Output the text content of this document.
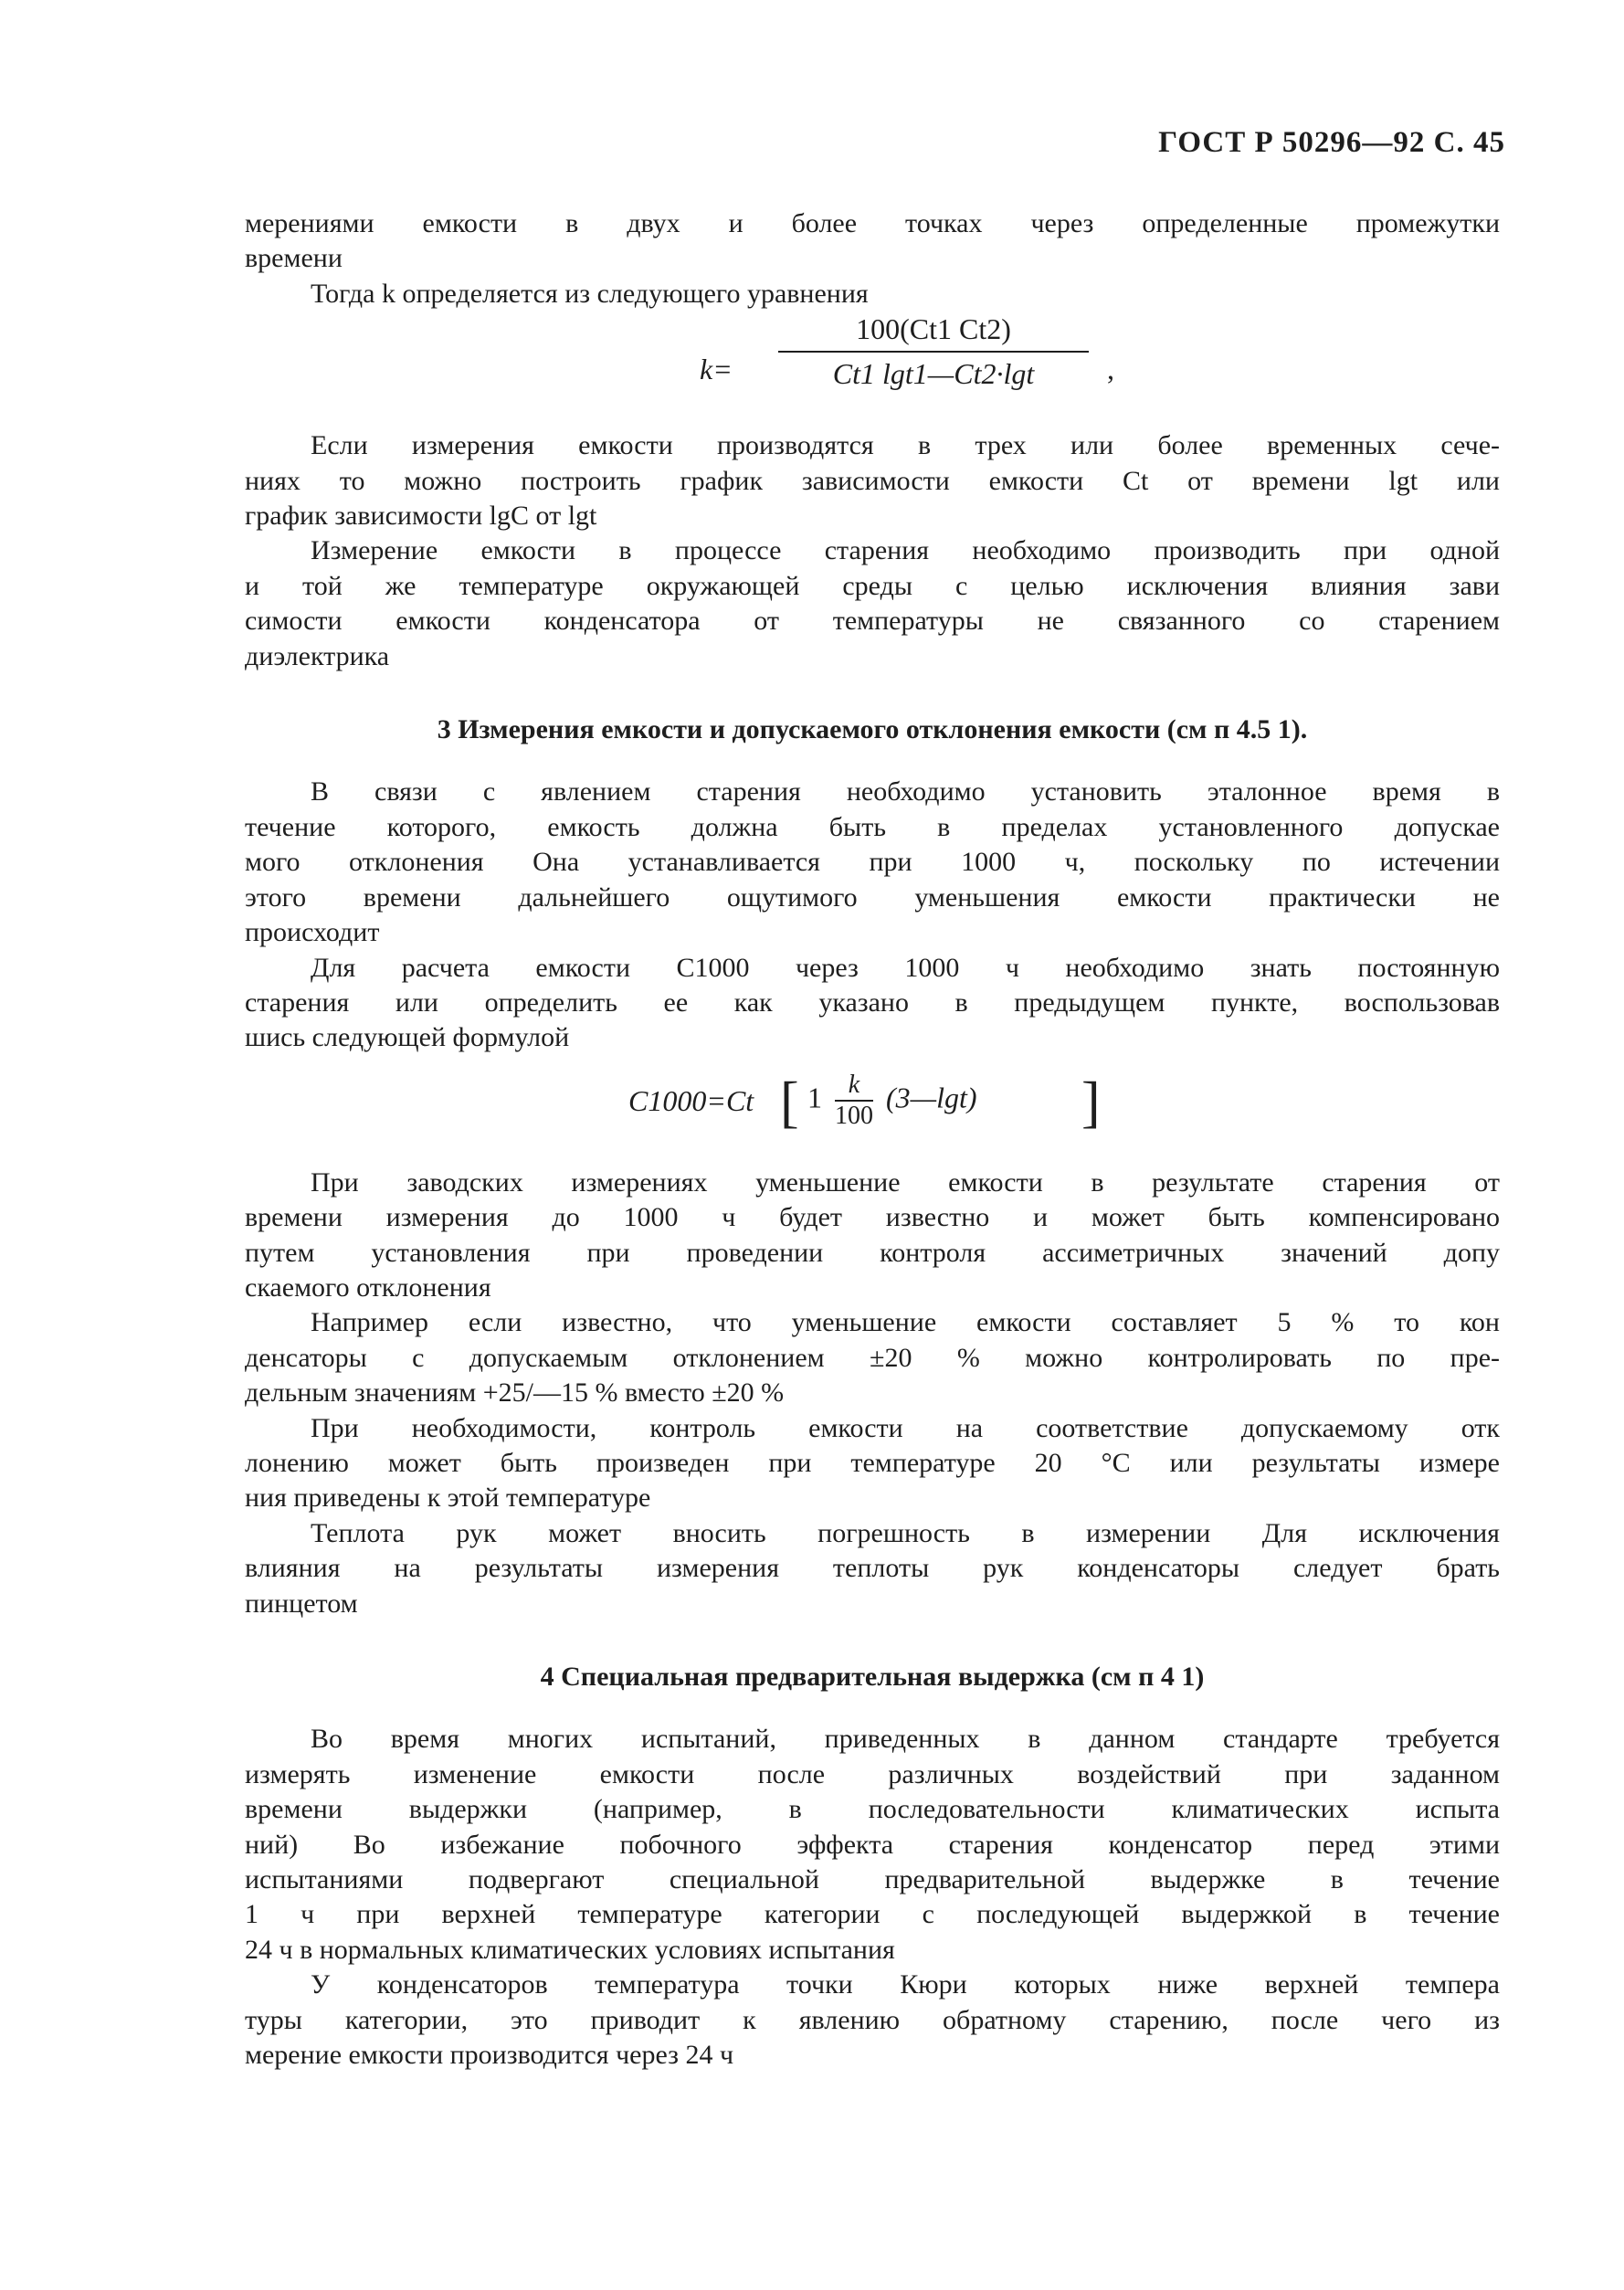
ГОСТ Р 50296—92 С. 45
мерениями емкости в двух и более точках через определенные промежутки
времени
Тогда k определяется из следующего уравнения
$k= \frac{100(Ct1 Ct2)}{Ct1 \lg t1—Ct2\cdot\lg t}$ ,
Если измерения емкости производятся в трех или более временных сече-
ниях то можно построить график зависимости емкости Ct от времени lgt или
график зависимости lgC от lgt
Измерение емкости в процессе старения необходимо производить при одной
и той же температуре окружающей среды с целью исключения влияния зави
симости емкости конденсатора от температуры не связанного со старением
диэлектрика
3 Измерения емкости и допускаемого отклонения емкости (см п 4.5 1).
В связи с явлением старения необходимо установить эталонное время в
течение которого, емкость должна быть в пределах установленного допускае
мого отклонения Она устанавливается при 1000 ч, поскольку по истечении
этого времени дальнейшего ощутимого уменьшения емкости практически не
происходит
Для расчета емкости C1000 через 1000 ч необходимо знать постоянную
старения или определить ее как указано в предыдущем пункте, воспользовав
шись следующей формулой
C1000=Ct [ $1 \frac{k}{100}$ (3—lgt) ]
При заводских измерениях уменьшение емкости в результате старения от
времени измерения до 1000 ч будет известно и может быть компенсировано
путем установления при проведении контроля ассиметричных значений допу
скаемого отклонения
Например если известно, что уменьшение емкости составляет 5 % то кон
денсаторы с допускаемым отклонением ±20 % можно контролировать по пре-
дельным значениям +25/—15 % вместо ±20 %
При необходимости, контроль емкости на соответствие допускаемому отк
лонению может быть произведен при температуре 20 °С или результаты измере
ния приведены к этой температуре
Теплота рук может вносить погрешность в измерении Для исключения
влияния на результаты измерения теплоты рук конденсаторы следует брать
пинцетом
4 Специальная предварительная выдержка (см п 4 1)
Во время многих испытаний, приведенных в данном стандарте требуется
измерять изменение емкости после различных воздействий при заданном
времени выдержки (например, в последовательности климатических испыта
ний) Во избежание побочного эффекта старения конденсатор перед этими
испытаниями подвергают специальной предварительной выдержке в течение
1 ч при верхней температуре категории с последующей выдержкой в течение
24 ч в нормальных климатических условиях испытания
У конденсаторов температура точки Кюри которых ниже верхней темпера
туры категории, это приводит к явлению обратному старению, после чего из
мерение емкости производится через 24 ч
